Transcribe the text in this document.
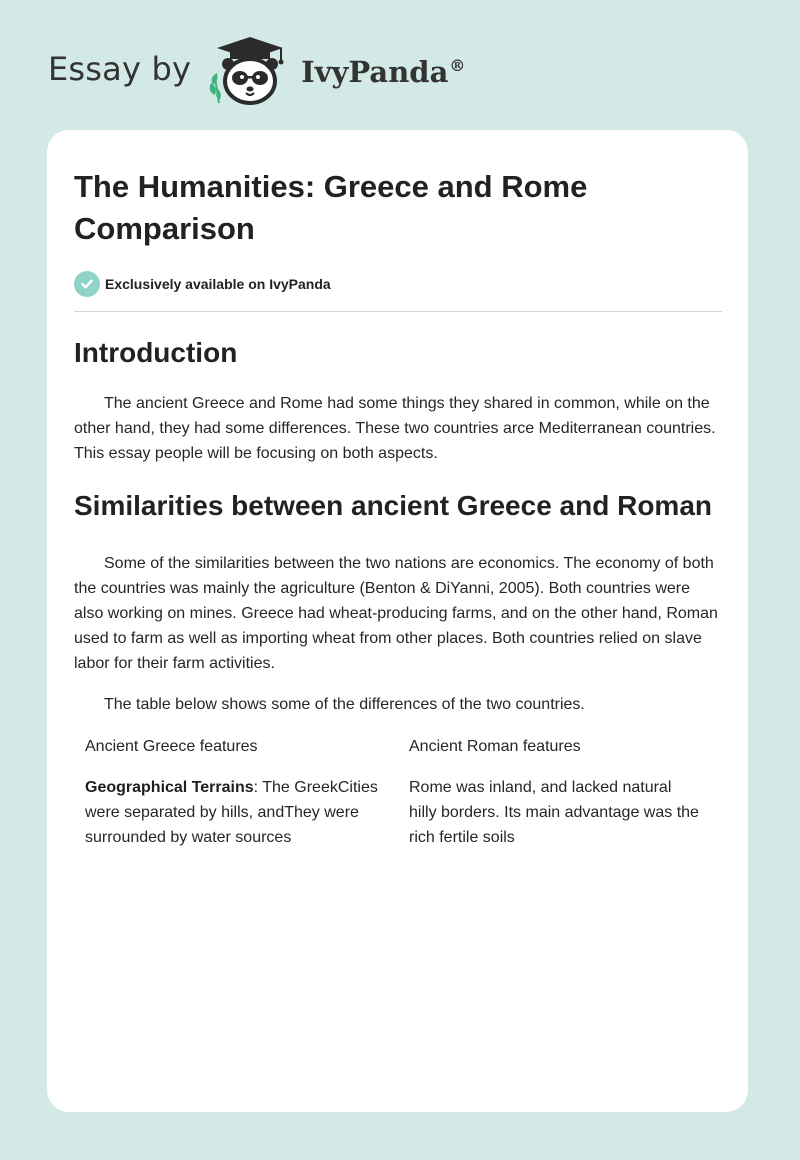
Essay by	IvyPanda®
The Humanities: Greece and Rome Comparison
Exclusively available on IvyPanda
Introduction

The ancient Greece and Rome had some things they shared in common, while on the other hand, they had some differences. These two countries arce Mediterranean countries. This essay people will be focusing on both aspects.

Similarities between ancient Greece and Roman

Some of the similarities between the two nations are economics. The economy of both the countries was mainly the agriculture (Benton & DiYanni, 2005). Both countries were also working on mines. Greece had wheat-producing farms, and on the other hand, Roman used to farm as well as importing wheat from other places. Both countries relied on slave labor for their farm activities.

The table below shows some of the differences of the two countries.

Ancient Greece features	Ancient Roman features
Geographical Terrains: The GreekCities were separated by hills, andThey were surrounded by water sources
Rome was inland, and lacked natural hilly borders. Its main advantage was the rich fertile soils
